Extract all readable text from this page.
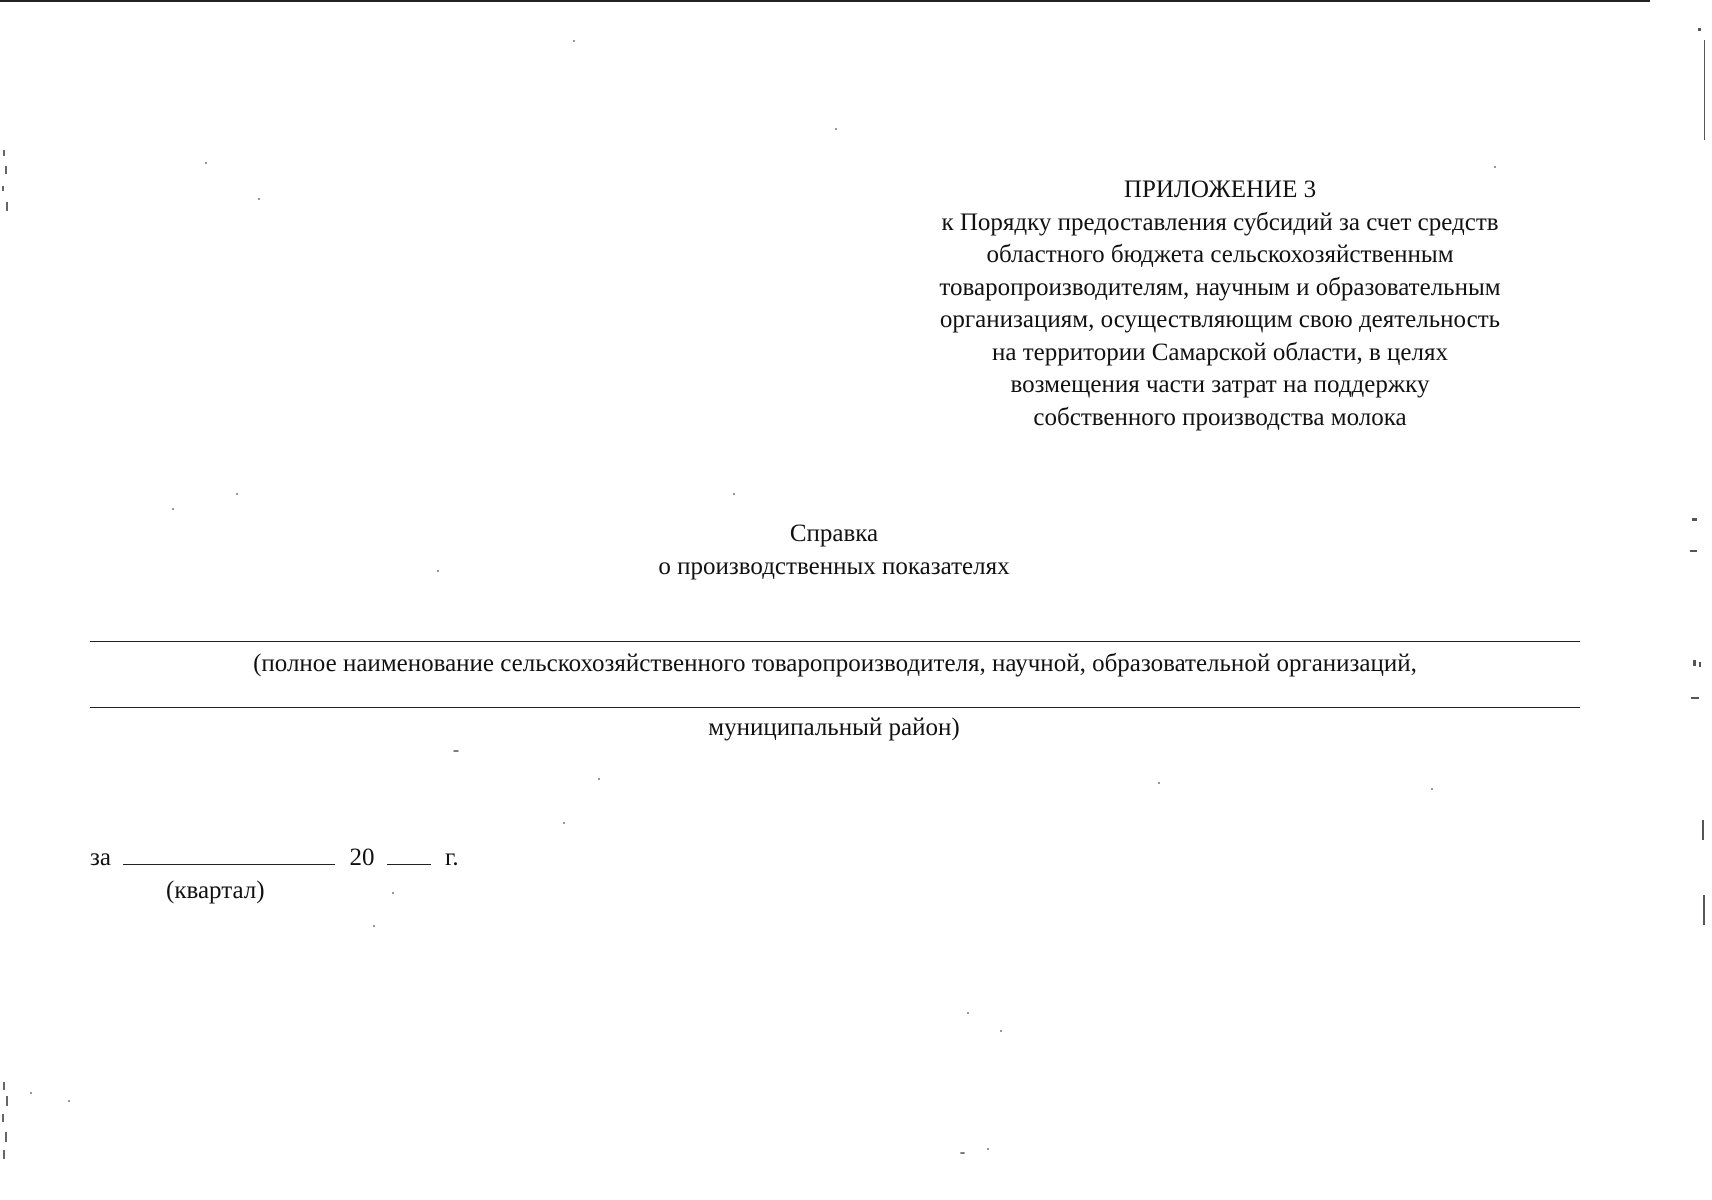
ПРИЛОЖЕНИЕ 3
к Порядку предоставления субсидий за счет средств
областного бюджета сельскохозяйственным
товаропроизводителям, научным и образовательным
организациям, осуществляющим свою деятельность
на территории Самарской области, в целях
возмещения части затрат на поддержку
собственного производства молока
Справка
о производственных показателях
(полное наименование сельскохозяйственного товаропроизводителя, научной, образовательной организаций,
муниципальный район)
за	20	г.
(квартал)
